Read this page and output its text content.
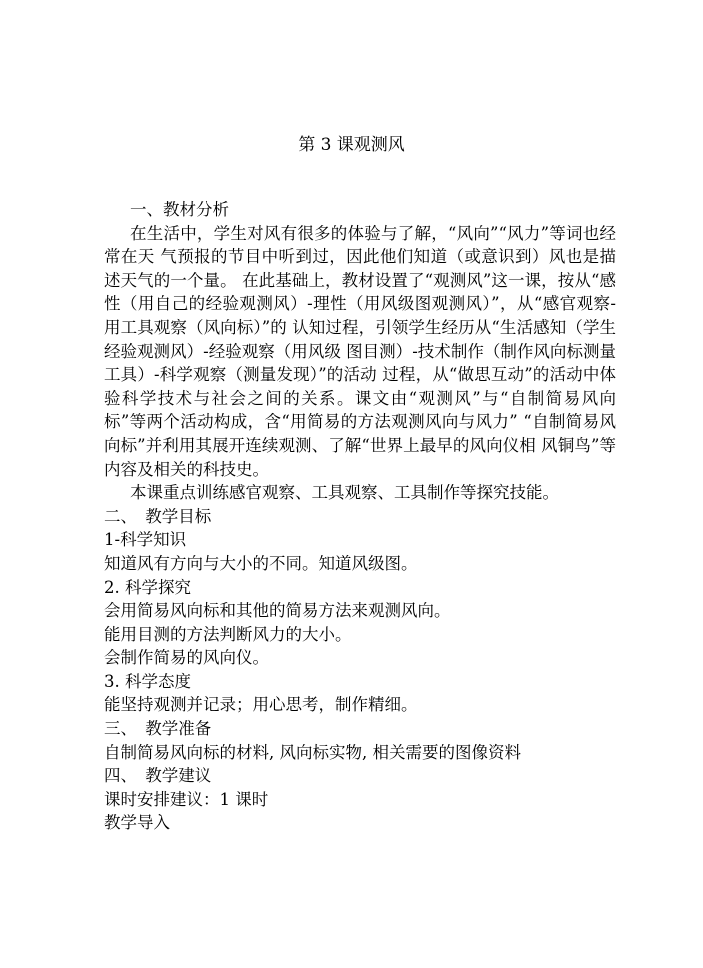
第 3 课观测风
一、教材分析
在生活中，学生对风有很多的体验与了解，“风向”“风力”等词也经常在天 气预报的节目中听到过，因此他们知道（或意识到）风也是描述天气的一个量。 在此基础上，教材设置了“观测风”这一课，按从“感性（用自己的经验观测风）-理性（用风级图观测风）”，从“感官观察-用工具观察（风向标）”的 认知过程，引领学生经历从“生活感知（学生经验观测风）-经验观察（用风级 图目测）-技术制作（制作风向标测量工具）-科学观察（测量发现）”的活动 过程，从“做思互动”的活动中体验科学技术与社会之间的关系。课文由“观测风”与“自制简易风向标”等两个活动构成，含“用简易的方法观测风向与风力” “自制简易风向标”并利用其展开连续观测、了解“世界上最早的风向仪相 风铜鸟”等内容及相关的科技史。
本课重点训练感官观察、工具观察、工具制作等探究技能。
二、　教学目标
1-科学知识
知道风有方向与大小的不同。知道风级图。
2. 科学探究
会用简易风向标和其他的简易方法来观测风向。
能用目测的方法判断风力的大小。
会制作简易的风向仪。
3. 科学态度
能坚持观测并记录；用心思考，制作精细。
三、　教学准备
自制简易风向标的材料, 风向标实物, 相关需要的图像资料
四、　教学建议
课时安排建议：1 课时
教学导入
